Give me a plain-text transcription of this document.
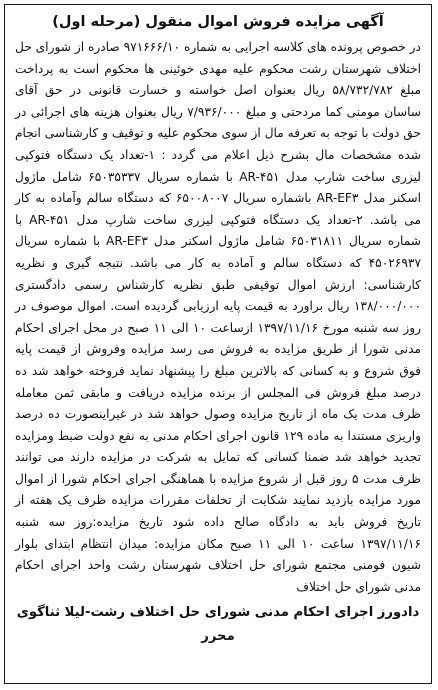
آگهی مزایده فروش اموال منقول (مرحله اول)

در خصوص پرونده های کلاسه اجرایی به شماره ۹۷۱۶۶۶/۱۰ صادره از شورای حل اختلاف شهرستان رشت محکوم علیه مهدی خوئینی ها محکوم است به پرداخت مبلغ ۵۸/۷۳۲/۷۸۲ ریال بعنوان اصل خواسته و خسارت قانونی در حق آقای ساسان مومنی کما مردحتی و مبلغ ۷/۹۳۶/۰۰۰ ریال بعنوان هزینه های اجرائی در حق دولت با توجه به تعرفه مال از سوی محکوم علیه و توقیف و کارشناسی انجام شده مشخصات مال بشرح ذیل اعلام می گردد : ۱-تعداد یک دستگاه فتوکپی لیزری ساخت شارپ مدل AR-۴۵۱ با شماره سریال ۶۵۰۳۵۳۳۷ شامل ماژول اسکنر مدل AR-EF۳ باشماره سریال ۶۵۰۰۸۰۰۷ که دستگاه سالم وآماده به کار می باشد. ۲-تعداد یک دستگاه فتوکپی لیزری ساخت شارپ مدل AR-۴۵۱ با شماره سریال ۶۵۰۳۱۸۱۱ شامل ماژول اسکنر مدل AR-EF۳ با شماره سریال ۴۵۰۲۶۹۳۷ که دستگاه سالم و آماده به کار می باشد. نتیجه گیری و نظریه کارشناسی: ارزش اموال توقیفی طبق نظریه کارشناس رسمی دادگستری ۱۳۸/۰۰۰/۰۰۰ ریال براورد به قیمت پایه ارزیابی گردیده است. اموال موصوف در روز سه شنبه مورخ ۱۳۹۷/۱۱/۱۶ ازساعت ۱۰ الی ۱۱ صبح در محل اجرای احکام مدنی شورا از طریق مزایده به فروش می رسد مزایده وفروش از قیمت پایه فوق شروع و به کسانی که بالاترین مبلغ را پیشنهاد نماید فروخته خواهد شد ده درصد مبلغ فروش فی المجلس از برنده مزایده دریافت و مابقی ثمن معامله ظرف مدت یک ماه از تاریخ مزایده وصول خواهد شد در غیراینصورت ده درصد واریزی مستندا به ماده ۱۲۹ قانون اجرای احکام مدنی به نفع دولت ضبط ومزایده تجدید خواهد شد ضمنا کسانی که تمایل به شرکت در مزایده دارند می توانند ظرف مدت ۵ روز قبل از شروع مزایده با هماهنگی اجرای احکام شورا از اموال مورد مزایده بازدید نمایند شکایت از تخلفات مقررات مزایده ظرف یک هفته از تاریخ فروش باید به دادگاه صالح داده شود تاریخ مزایده:روز سه شنبه ۱۳۹۷/۱۱/۱۶ ساعت ۱۰ الی ۱۱ صبح مکان مزایده: میدان انتظام ابتدای بلوار شیون فومنی مجتمع شورای حل اختلاف شهرستان رشت واحد اجرای احکام مدنی شورای حل اختلاف

دادورز اجرای احکام مدنی شورای حل اختلاف رشت-لیلا ثناگوی محرر
